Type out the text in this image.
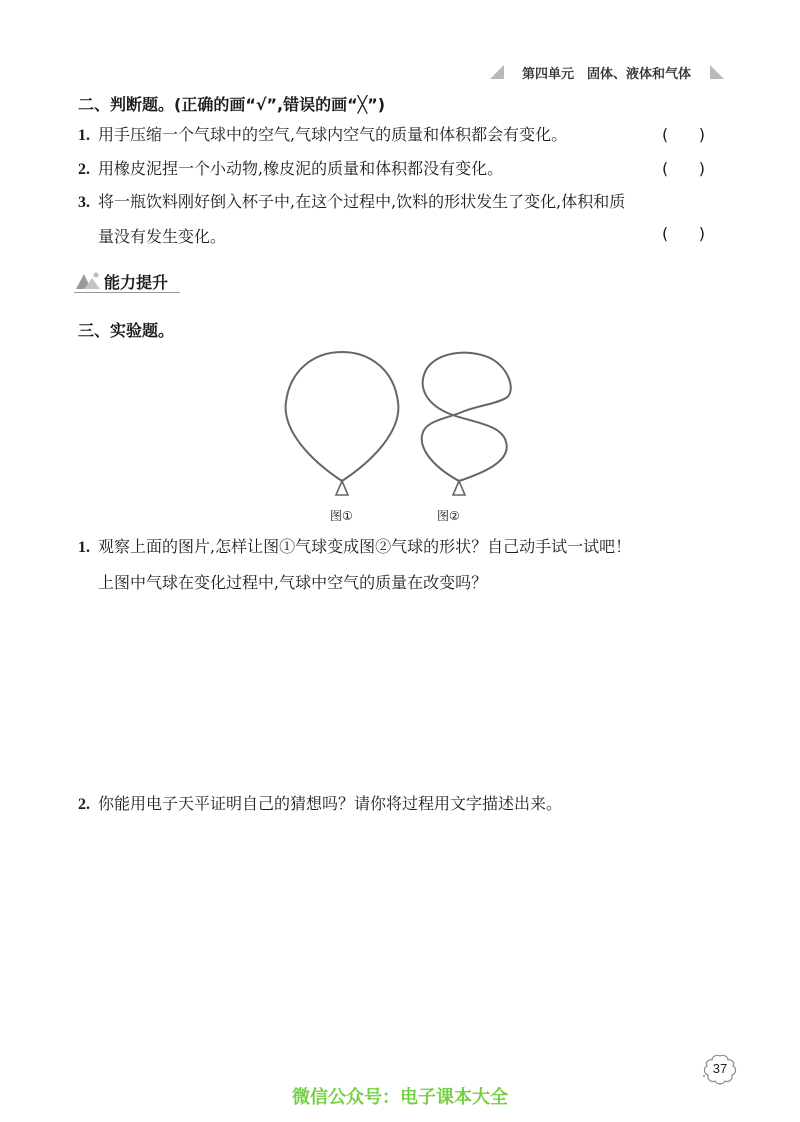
第四单元　固体、液体和气体
二、判断题。(正确的画“√”,错误的画“╳”)
1. 用手压缩一个气球中的空气,气球内空气的质量和体积都会有变化。	(      )
2. 用橡皮泥捏一个小动物,橡皮泥的质量和体积都没有变化。	(      )
3. 将一瓶饮料刚好倒入杯子中,在这个过程中,饮料的形状发生了变化,体积和质
量没有发生变化。	(      )
能力提升
三、实验题。
图①	图②
1. 观察上面的图片,怎样让图①气球变成图②气球的形状？自己动手试一试吧！
上图中气球在变化过程中,气球中空气的质量在改变吗？
2. 你能用电子天平证明自己的猜想吗？请你将过程用文字描述出来。
37
微信公众号：电子课本大全
